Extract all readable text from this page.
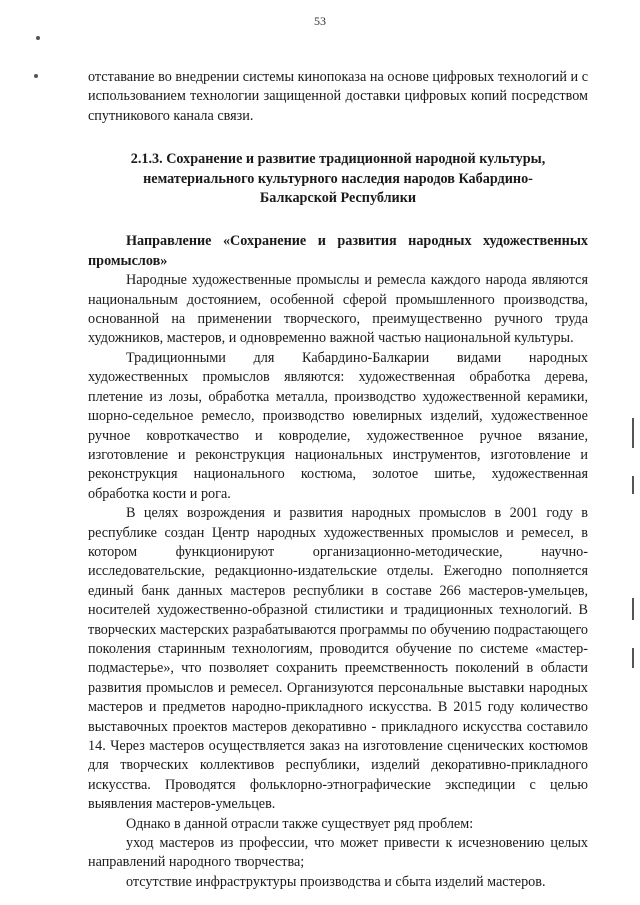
53

отставание во внедрении системы кинопоказа на основе цифровых технологий и с использованием технологии защищенной доставки цифровых копий посредством спутникового канала связи.

2.1.3. Сохранение и развитие традиционной народной культуры, нематериального культурного наследия народов Кабардино-Балкарской Республики

Направление «Сохранение и развития народных художественных промыслов»

Народные художественные промыслы и ремесла каждого народа являются национальным достоянием, особенной сферой промышленного производства, основанной на применении творческого, преимущественно ручного труда художников, мастеров, и одновременно важной частью национальной культуры.

Традиционными для Кабардино-Балкарии видами народных художественных промыслов являются: художественная обработка дерева, плетение из лозы, обработка металла, производство художественной керамики, шорно-седельное ремесло, производство ювелирных изделий, художественное ручное ковроткачество и ковроделие, художественное ручное вязание, изготовление и реконструкция национальных инструментов, изготовление и реконструкция национального костюма, золотое шитье, художественная обработка кости и рога.

В целях возрождения и развития народных промыслов в 2001 году в республике создан Центр народных художественных промыслов и ремесел, в котором функционируют организационно-методические, научно-исследовательские, редакционно-издательские отделы. Ежегодно пополняется единый банк данных мастеров республики в составе 266 мастеров-умельцев, носителей художественно-образной стилистики и традиционных технологий. В творческих мастерских разрабатываются программы по обучению подрастающего поколения старинным технологиям, проводится обучение по системе «мастер-подмастерье», что позволяет сохранить преемственность поколений в области развития промыслов и ремесел. Организуются персональные выставки народных мастеров и предметов народно-прикладного искусства. В 2015 году количество выставочных проектов мастеров декоративно - прикладного искусства составило 14. Через мастеров осуществляется заказ на изготовление сценических костюмов для творческих коллективов республики, изделий декоративно-прикладного искусства. Проводятся фольклорно-этнографические экспедиции с целью выявления мастеров-умельцев.

Однако в данной отрасли также существует ряд проблем:

уход мастеров из профессии, что может привести к исчезновению целых направлений народного творчества;

отсутствие инфраструктуры производства и сбыта изделий мастеров.
